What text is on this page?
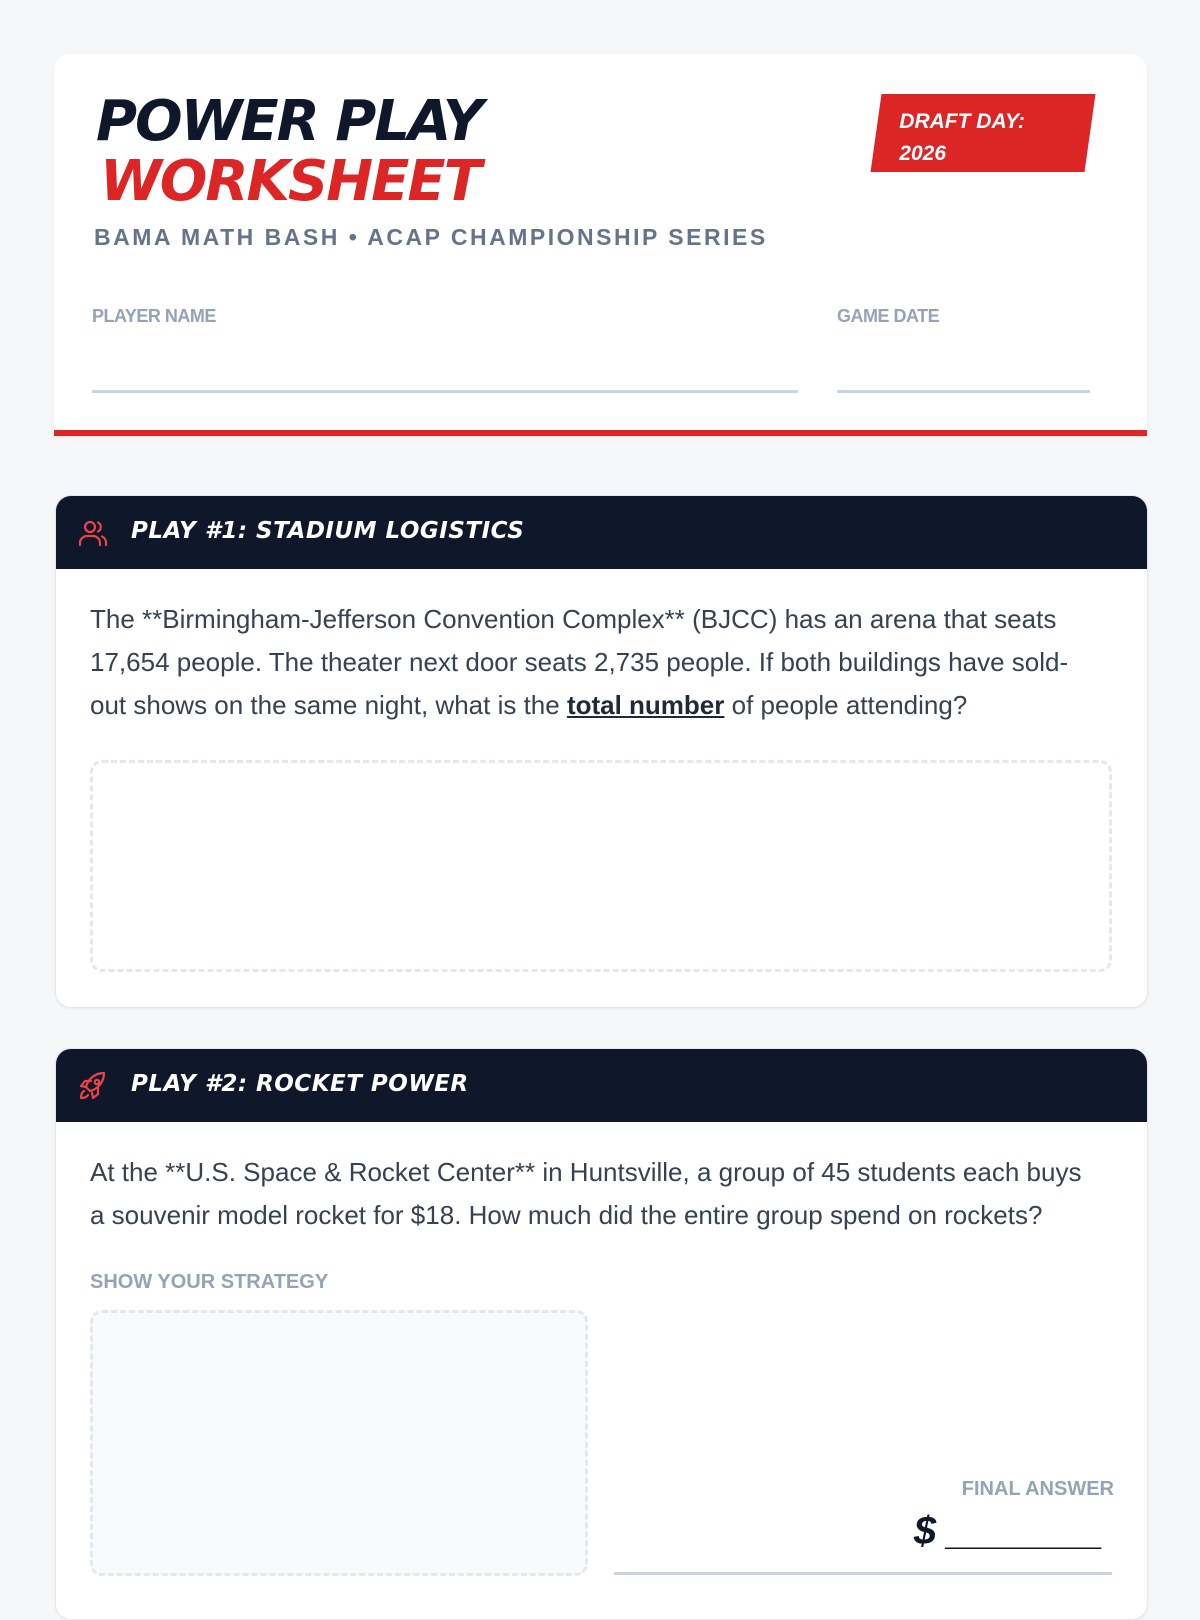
POWER PLAY
WORKSHEET
BAMA MATH BASH • ACAP CHAMPIONSHIP SERIES
DRAFT DAY:
2026
PLAYER NAME	GAME DATE
PLAY #1: STADIUM LOGISTICS

The **Birmingham-Jefferson Convention Complex** (BJCC) has an arena that seats 17,654 people. The theater next door seats 2,735 people. If both buildings have sold-out shows on the same night, what is the total number of people attending?

PLAY #2: ROCKET POWER

At the **U.S. Space & Rocket Center** in Huntsville, a group of 45 students each buys a souvenir model rocket for $18. How much did the entire group spend on rockets?

SHOW YOUR STRATEGY
FINAL ANSWER
$ _______
